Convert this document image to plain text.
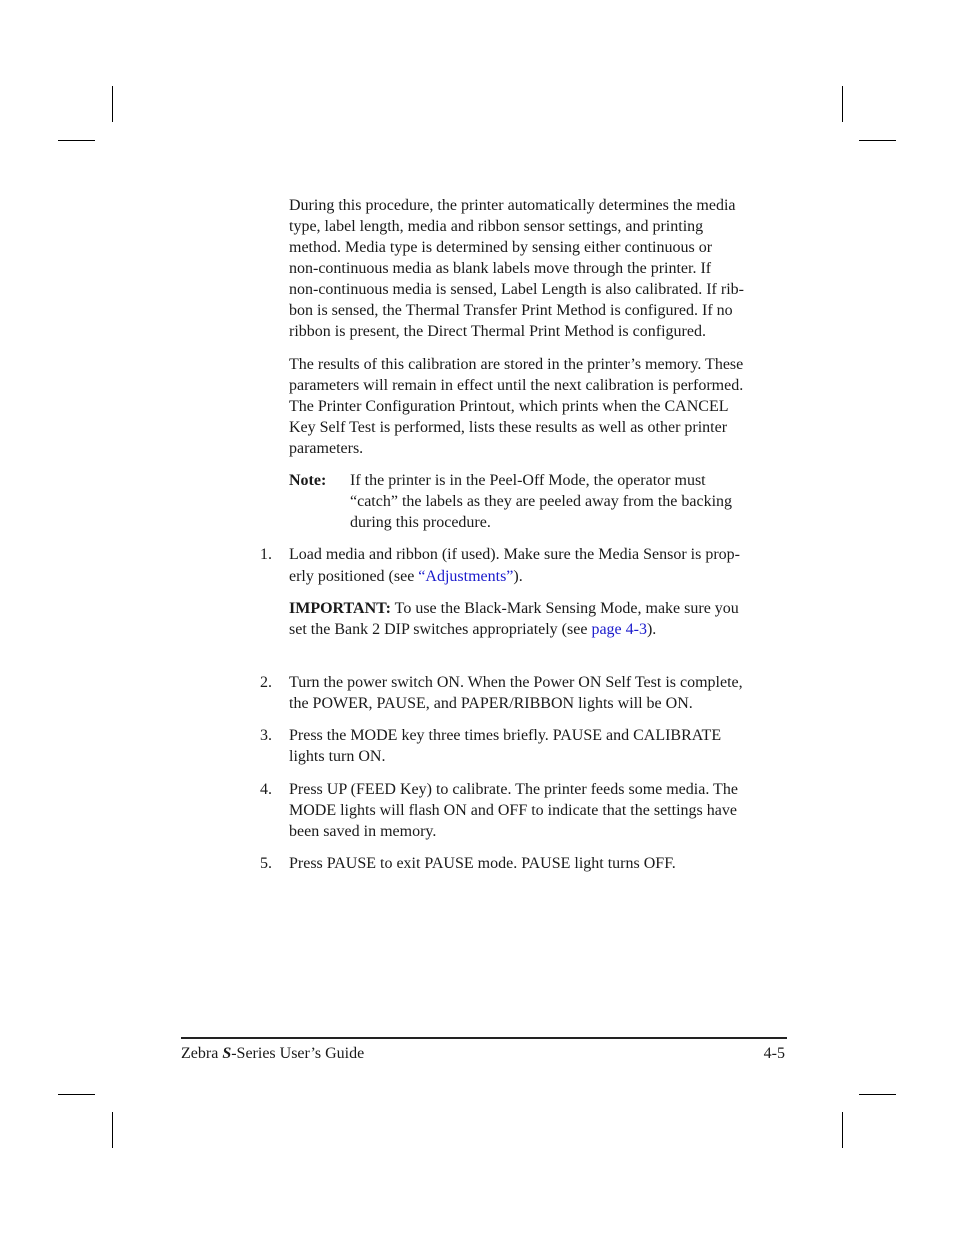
During this procedure, the printer automatically determines the media
type, label length, media and ribbon sensor settings, and printing
method. Media type is determined by sensing either continuous or
non-continuous media as blank labels move through the printer. If
non-continuous media is sensed, Label Length is also calibrated. If rib-
bon is sensed, the Thermal Transfer Print Method is configured. If no
ribbon is present, the Direct Thermal Print Method is configured.
The results of this calibration are stored in the printer’s memory. These
parameters will remain in effect until the next calibration is performed.
The Printer Configuration Printout, which prints when the CANCEL
Key Self Test is performed, lists these results as well as other printer
parameters.
Note: If the printer is in the Peel-Off Mode, the operator must
“catch” the labels as they are peeled away from the backing
during this procedure.
1.	Load media and ribbon (if used). Make sure the Media Sensor is prop-
erly positioned (see “Adjustments”).
IMPORTANT: To use the Black-Mark Sensing Mode, make sure you
set the Bank 2 DIP switches appropriately (see page 4-3).
2.	Turn the power switch ON. When the Power ON Self Test is complete,
the POWER, PAUSE, and PAPER/RIBBON lights will be ON.
3.	Press the MODE key three times briefly. PAUSE and CALIBRATE
lights turn ON.
4.	Press UP (FEED Key) to calibrate. The printer feeds some media. The
MODE lights will flash ON and OFF to indicate that the settings have
been saved in memory.
5.	Press PAUSE to exit PAUSE mode. PAUSE light turns OFF.
Zebra S-Series User’s Guide	4-5
